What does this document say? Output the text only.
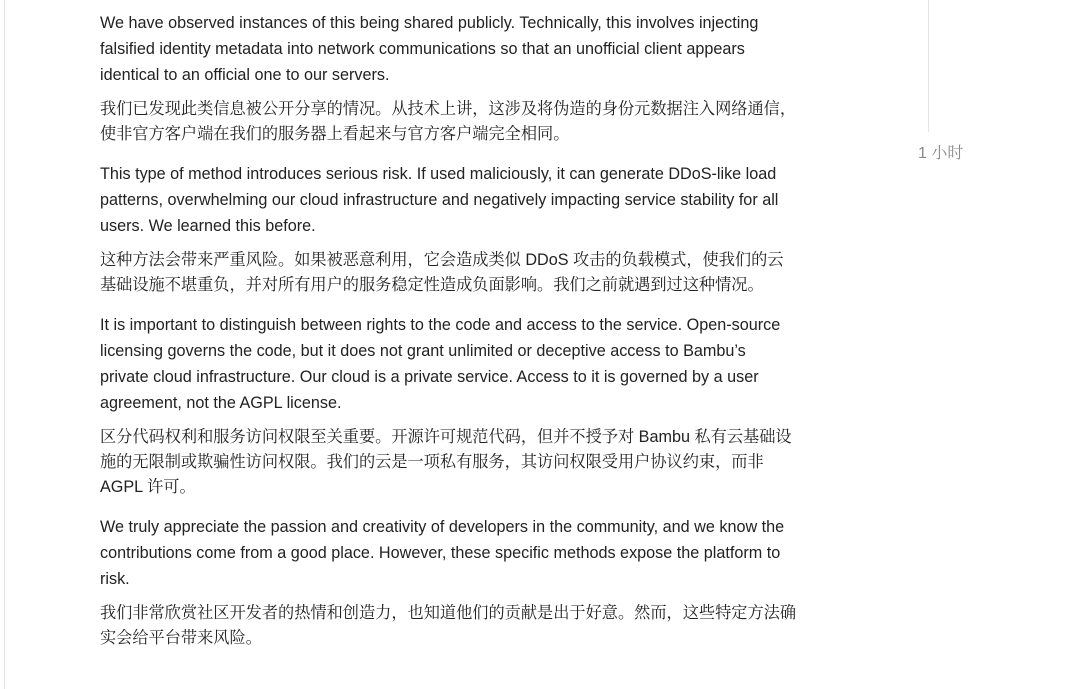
We have observed instances of this being shared publicly. Technically, this involves injecting
falsified identity metadata into network communications so that an unofficial client appears
identical to an official one to our servers.

我们已发现此类信息被公开分享的情况。从技术上讲，这涉及将伪造的身份元数据注入网络通信，
使非官方客户端在我们的服务器上看起来与官方客户端完全相同。

This type of method introduces serious risk. If used maliciously, it can generate DDoS-like load
patterns, overwhelming our cloud infrastructure and negatively impacting service stability for all
users. We learned this before.

这种方法会带来严重风险。如果被恶意利用，它会造成类似 DDoS 攻击的负载模式，使我们的云
基础设施不堪重负，并对所有用户的服务稳定性造成负面影响。我们之前就遇到过这种情况。

It is important to distinguish between rights to the code and access to the service. Open-source
licensing governs the code, but it does not grant unlimited or deceptive access to Bambu’s
private cloud infrastructure. Our cloud is a private service. Access to it is governed by a user
agreement, not the AGPL license.

区分代码权利和服务访问权限至关重要。开源许可规范代码，但并不授予对 Bambu 私有云基础设
施的无限制或欺骗性访问权限。我们的云是一项私有服务，其访问权限受用户协议约束，而非
AGPL 许可。

We truly appreciate the passion and creativity of developers in the community, and we know the
contributions come from a good place. However, these specific methods expose the platform to
risk.

我们非常欣赏社区开发者的热情和创造力，也知道他们的贡献是出于好意。然而，这些特定方法确
实会给平台带来风险。

1 小时
